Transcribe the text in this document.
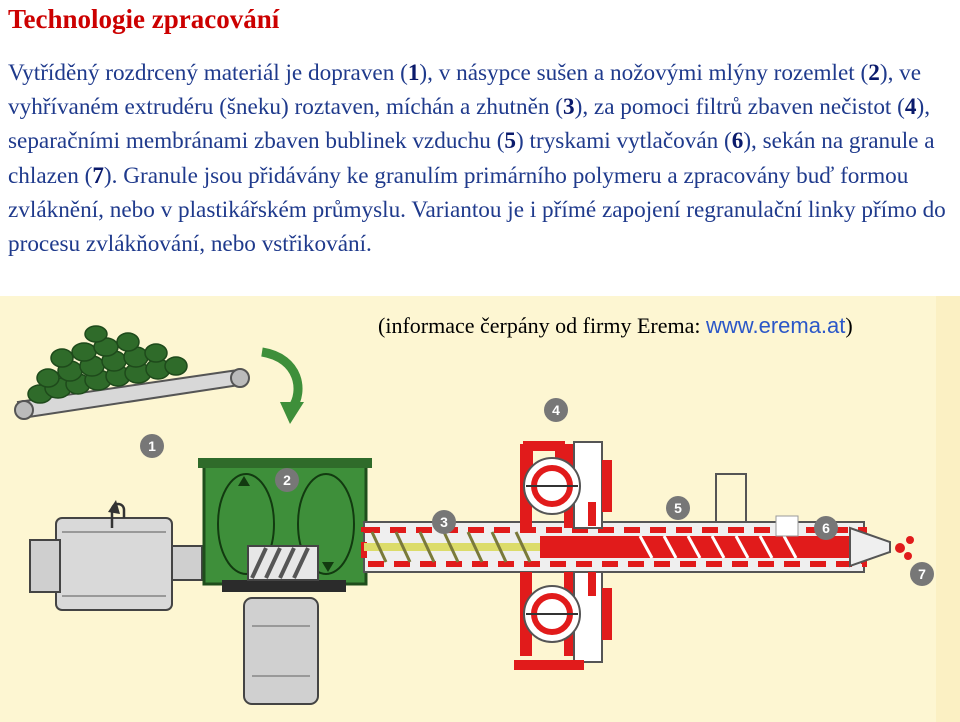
Technologie zpracování

Vytříděný rozdrcený materiál je dopraven (1), v násypce sušen a nožovými mlýny rozemlet (2), ve vyhřívaném extrudéru (šneku) roztaven, míchán a zhutněn (3), za pomoci filtrů zbaven nečistot (4), separačními membránami zbaven bublinek vzduchu (5) tryskami vytlačován (6), sekán na granule a chlazen (7). Granule jsou přidávány ke granulím primárního polymeru a zpracovány buď formou zvláknění, nebo v plastikářském průmyslu. Variantou je i přímé zapojení regranulační linky přímo do procesu zvlákňování, nebo vstřikování.

1
2
3
4
5
6
7

(informace čerpány od firmy Erema: www.erema.at)
